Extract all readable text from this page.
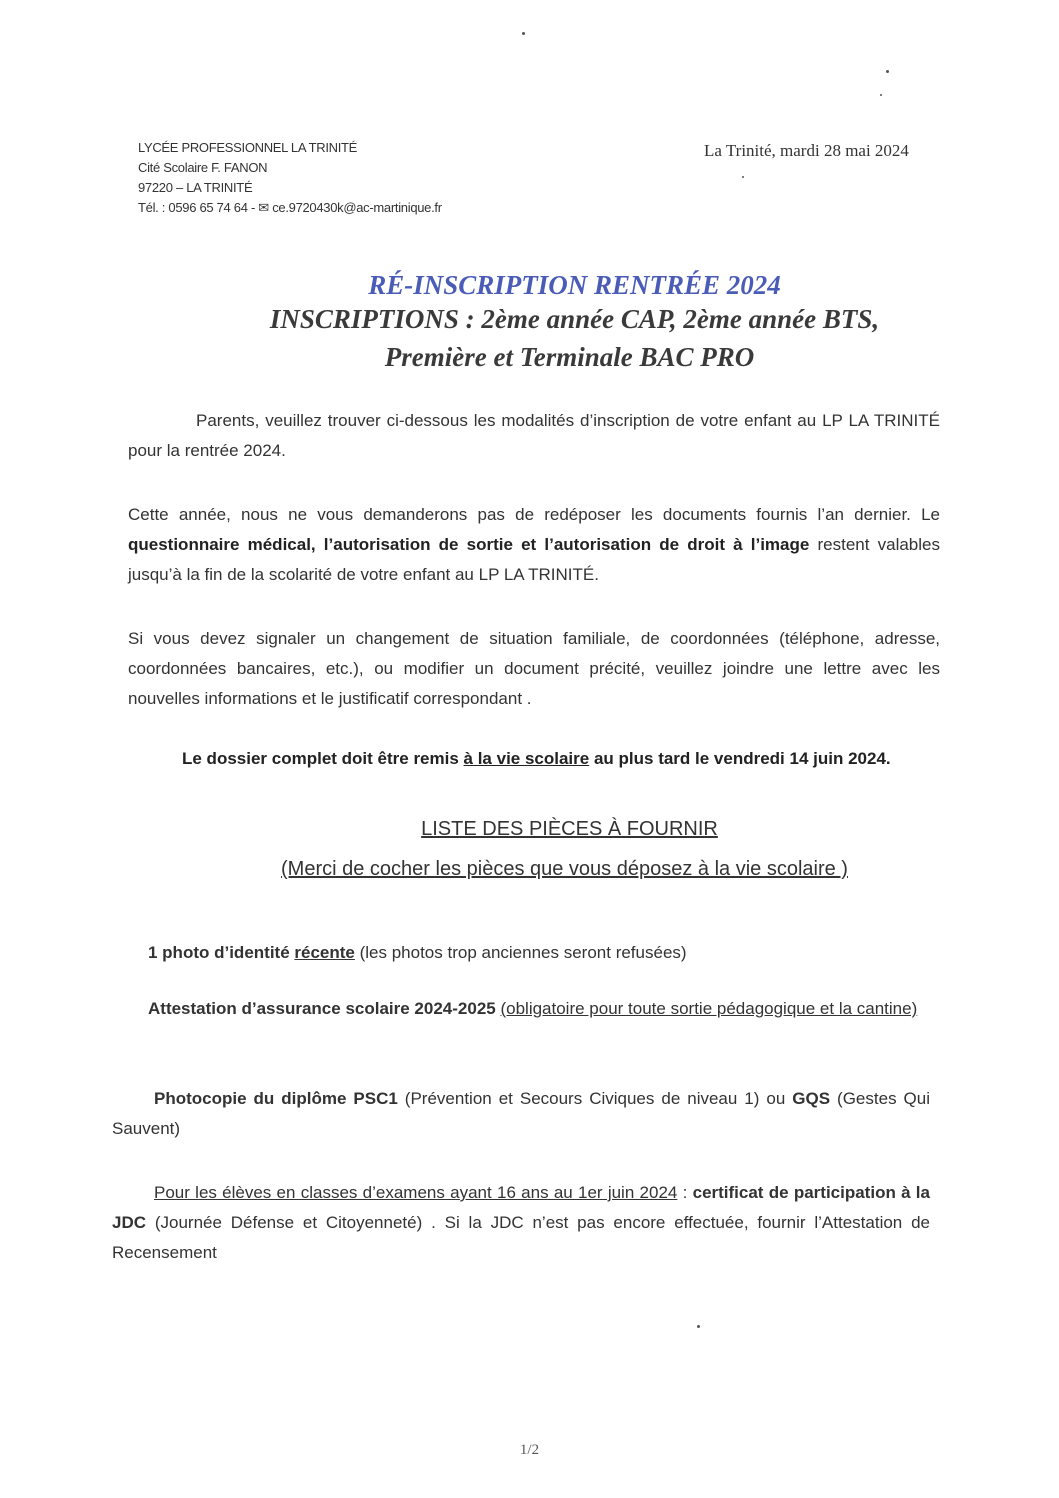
LYCÉE PROFESSIONNEL LA TRINITÉ
Cité Scolaire F. FANON
97220 – LA TRINITÉ
Tél. : 0596 65 74 64 - ✉ ce.9720430k@ac-martinique.fr
La Trinité, mardi 28 mai 2024
RÉ-INSCRIPTION RENTRÉE 2024
INSCRIPTIONS : 2ème année CAP, 2ème année BTS,
Première et Terminale BAC PRO
Parents, veuillez trouver ci-dessous les modalités d’inscription de votre enfant au LP LA TRINITÉ pour la rentrée 2024.
Cette année, nous ne vous demanderons pas de redéposer les documents fournis l’an dernier. Le questionnaire médical, l’autorisation de sortie et l’autorisation de droit à l’image restent valables jusqu’à la fin de la scolarité de votre enfant au LP LA TRINITÉ.
Si vous devez signaler un changement de situation familiale, de coordonnées (téléphone, adresse, coordonnées bancaires, etc.), ou modifier un document précité, veuillez joindre une lettre avec les nouvelles informations et le justificatif correspondant .
Le dossier complet doit être remis à la vie scolaire au plus tard le vendredi 14 juin 2024.
LISTE DES PIÈCES À FOURNIR
(Merci de cocher les pièces que vous déposez à la vie scolaire )
1 photo d’identité récente (les photos trop anciennes seront refusées)
Attestation d’assurance scolaire 2024-2025 (obligatoire pour toute sortie pédagogique et la cantine)
Photocopie du diplôme PSC1 (Prévention et Secours Civiques de niveau 1) ou GQS (Gestes Qui Sauvent)
Pour les élèves en classes d’examens ayant 16 ans au 1er juin 2024 : certificat de participation à la JDC (Journée Défense et Citoyenneté) . Si la JDC n’est pas encore effectuée, fournir l’Attestation de Recensement
1/2
